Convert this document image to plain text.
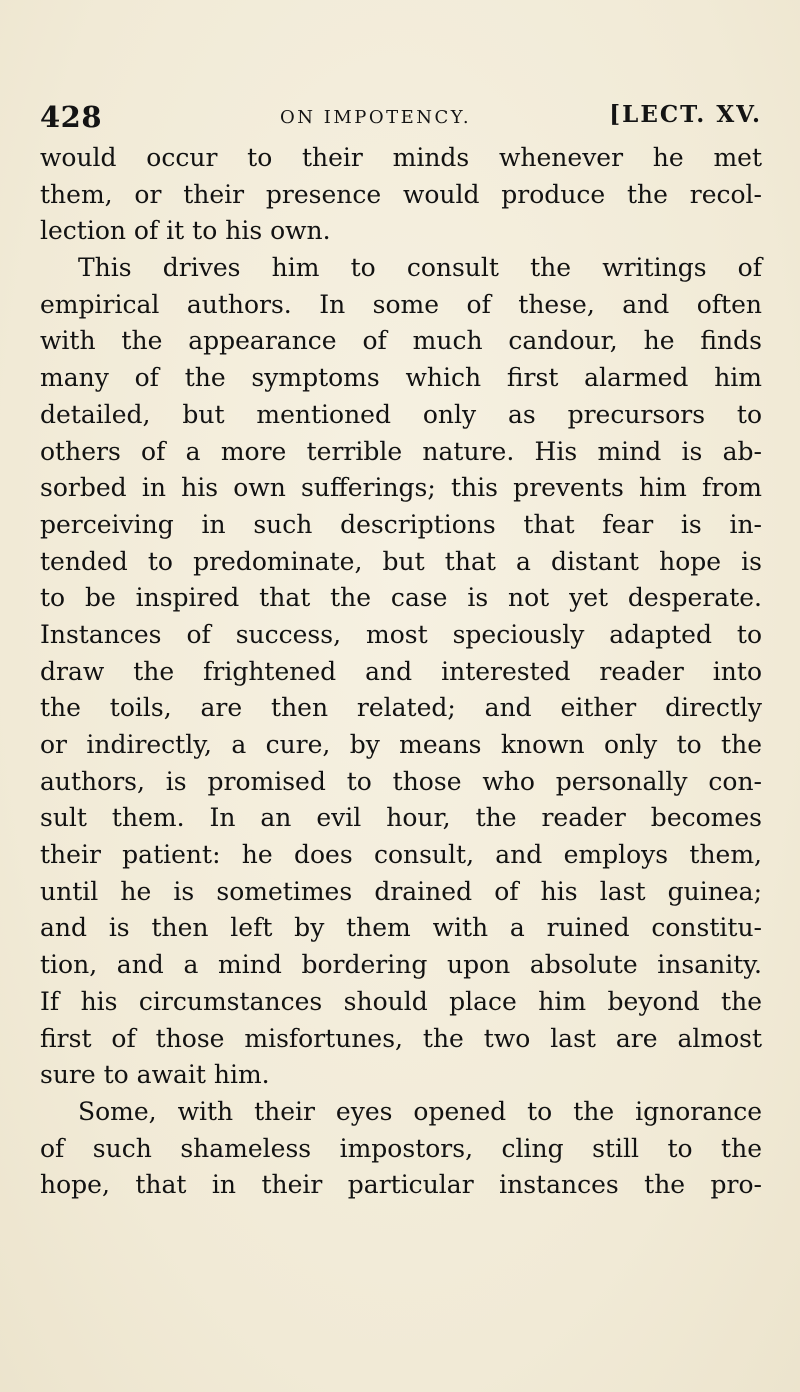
428	ON IMPOTENCY.	[LECT. XV.
would occur to their minds whenever he met
them, or their presence would produce the recol-
lection of it to his own.
This drives him to consult the writings of
empirical authors. In some of these, and often
with the appearance of much candour, he finds
many of the symptoms which first alarmed him
detailed, but mentioned only as precursors to
others of a more terrible nature. His mind is ab-
sorbed in his own sufferings; this prevents him from
perceiving in such descriptions that fear is in-
tended to predominate, but that a distant hope is
to be inspired that the case is not yet desperate.
Instances of success, most speciously adapted to
draw the frightened and interested reader into
the toils, are then related; and either directly
or indirectly, a cure, by means known only to the
authors, is promised to those who personally con-
sult them. In an evil hour, the reader becomes
their patient: he does consult, and employs them,
until he is sometimes drained of his last guinea;
and is then left by them with a ruined constitu-
tion, and a mind bordering upon absolute insanity.
If his circumstances should place him beyond the
first of those misfortunes, the two last are almost
sure to await him.
Some, with their eyes opened to the ignorance
of such shameless impostors, cling still to the
hope, that in their particular instances the pro-
